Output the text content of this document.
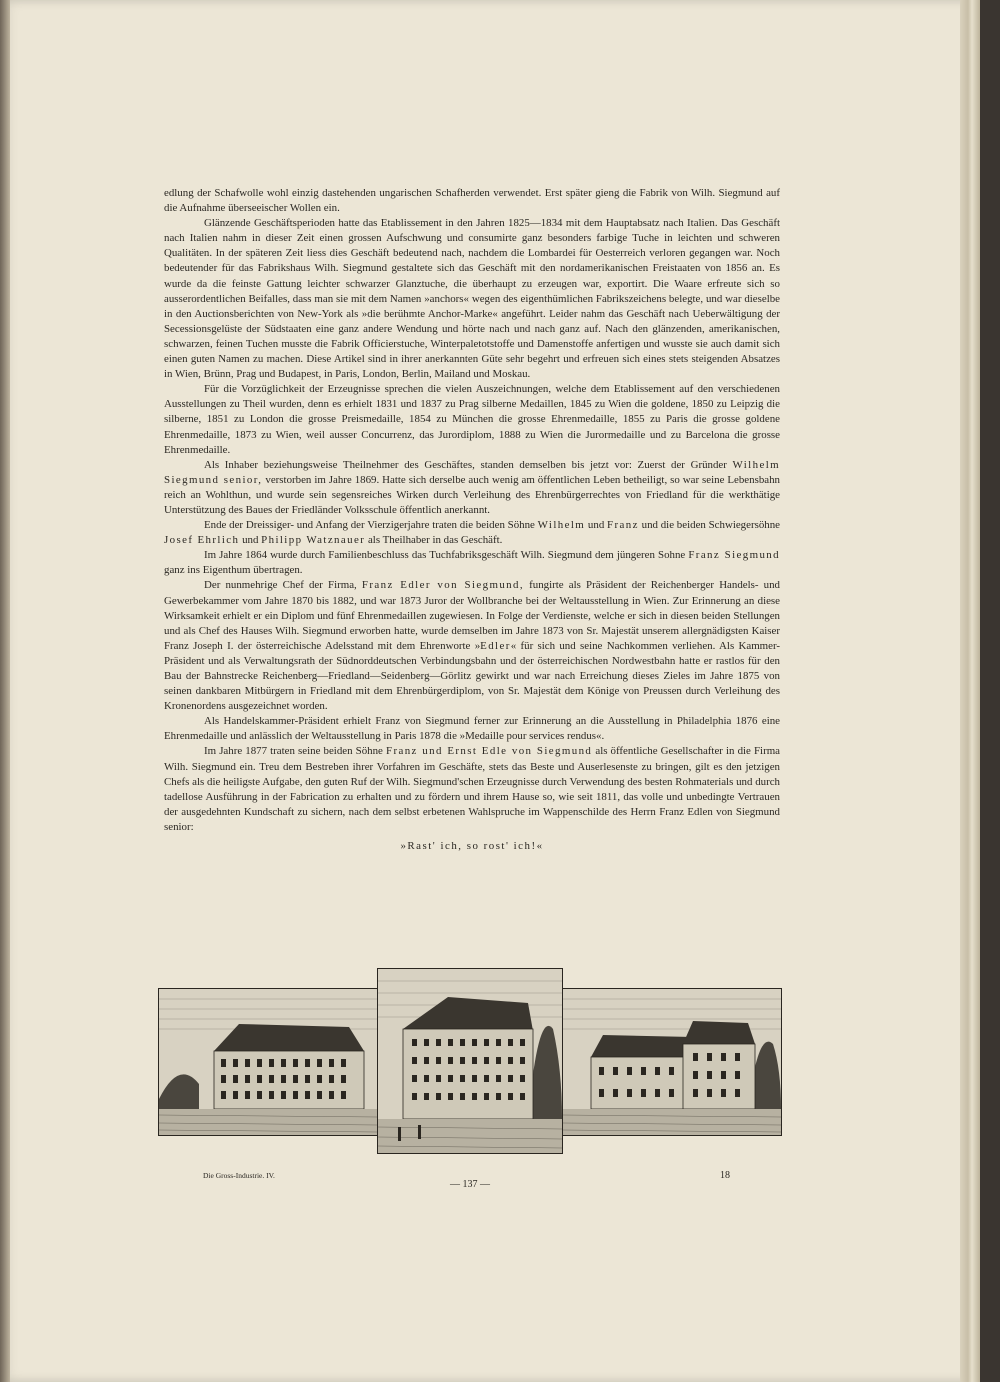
edlung der Schafwolle wohl einzig dastehenden ungarischen Schafherden verwendet. Erst später gieng die Fabrik von Wilh. Siegmund auf die Aufnahme überseeischer Wollen ein.

Glänzende Geschäftsperioden hatte das Etablissement in den Jahren 1825—1834 mit dem Hauptabsatz nach Italien. Das Geschäft nach Italien nahm in dieser Zeit einen grossen Aufschwung und consumirte ganz besonders farbige Tuche in leichten und schweren Qualitäten. In der späteren Zeit liess dies Geschäft bedeutend nach, nachdem die Lombardei für Oesterreich verloren gegangen war. Noch bedeutender für das Fabrikshaus Wilh. Siegmund gestaltete sich das Geschäft mit den nordamerikanischen Freistaaten von 1856 an. Es wurde da die feinste Gattung leichter schwarzer Glanztuche, die überhaupt zu erzeugen war, exportirt. Die Waare erfreute sich so ausserordentlichen Beifalles, dass man sie mit dem Namen »anchors« wegen des eigenthümlichen Fabrikszeichens belegte, und war dieselbe in den Auctionsberichten von New-York als »die berühmte Anchor-Marke« angeführt. Leider nahm das Geschäft nach Ueberwältigung der Secessionsgelüste der Südstaaten eine ganz andere Wendung und hörte nach und nach ganz auf. Nach den glänzenden, amerikanischen, schwarzen, feinen Tuchen musste die Fabrik Officierstuche, Winterpaletotstoffe und Damenstoffe anfertigen und wusste sie auch damit sich einen guten Namen zu machen. Diese Artikel sind in ihrer anerkannten Güte sehr begehrt und erfreuen sich eines stets steigenden Absatzes in Wien, Brünn, Prag und Budapest, in Paris, London, Berlin, Mailand und Moskau.

Für die Vorzüglichkeit der Erzeugnisse sprechen die vielen Auszeichnungen, welche dem Etablissement auf den verschiedenen Ausstellungen zu Theil wurden, denn es erhielt 1831 und 1837 zu Prag silberne Medaillen, 1845 zu Wien die goldene, 1850 zu Leipzig die silberne, 1851 zu London die grosse Preismedaille, 1854 zu München die grosse Ehrenmedaille, 1855 zu Paris die grosse goldene Ehrenmedaille, 1873 zu Wien, weil ausser Concurrenz, das Jurordiplom, 1888 zu Wien die Jurormedaille und zu Barcelona die grosse Ehrenmedaille.

Als Inhaber beziehungsweise Theilnehmer des Geschäftes, standen demselben bis jetzt vor: Zuerst der Gründer Wilhelm Siegmund senior, verstorben im Jahre 1869. Hatte sich derselbe auch wenig am öffentlichen Leben betheiligt, so war seine Lebensbahn reich an Wohlthun, und wurde sein segensreiches Wirken durch Verleihung des Ehrenbürgerrechtes von Friedland für die werkthätige Unterstützung des Baues der Friedländer Volksschule öffentlich anerkannt.

Ende der Dreissiger- und Anfang der Vierzigerjahre traten die beiden Söhne Wilhelm und Franz und die beiden Schwiegersöhne Josef Ehrlich und Philipp Watznauer als Theilhaber in das Geschäft.

Im Jahre 1864 wurde durch Familienbeschluss das Tuchfabriksgeschäft Wilh. Siegmund dem jüngeren Sohne Franz Siegmund ganz ins Eigenthum übertragen.

Der nunmehrige Chef der Firma, Franz Edler von Siegmund, fungirte als Präsident der Reichenberger Handels- und Gewerbekammer vom Jahre 1870 bis 1882, und war 1873 Juror der Wollbranche bei der Weltausstellung in Wien. Zur Erinnerung an diese Wirksamkeit erhielt er ein Diplom und fünf Ehrenmedaillen zugewiesen. In Folge der Verdienste, welche er sich in diesen beiden Stellungen und als Chef des Hauses Wilh. Siegmund erworben hatte, wurde demselben im Jahre 1873 von Sr. Majestät unserem allergnädigsten Kaiser Franz Joseph I. der österreichische Adelsstand mit dem Ehrenworte »Edler« für sich und seine Nachkommen verliehen. Als Kammer-Präsident und als Verwaltungsrath der Südnorddeutschen Verbindungsbahn und der österreichischen Nordwestbahn hatte er rastlos für den Bau der Bahnstrecke Reichenberg—Friedland—Seidenberg—Görlitz gewirkt und war nach Erreichung dieses Zieles im Jahre 1875 von seinen dankbaren Mitbürgern in Friedland mit dem Ehrenbürgerdiplom, von Sr. Majestät dem Könige von Preussen durch Verleihung des Kronenordens ausgezeichnet worden.

Als Handelskammer-Präsident erhielt Franz von Siegmund ferner zur Erinnerung an die Ausstellung in Philadelphia 1876 eine Ehrenmedaille und anlässlich der Weltausstellung in Paris 1878 die »Medaille pour services rendus«.

Im Jahre 1877 traten seine beiden Söhne Franz und Ernst Edle von Siegmund als öffentliche Gesellschafter in die Firma Wilh. Siegmund ein. Treu dem Bestreben ihrer Vorfahren im Geschäfte, stets das Beste und Auserlesenste zu bringen, gilt es den jetzigen Chefs als die heiligste Aufgabe, den guten Ruf der Wilh. Siegmund'schen Erzeugnisse durch Verwendung des besten Rohmaterials und durch tadellose Ausführung in der Fabrication zu erhalten und zu fördern und ihrem Hause so, wie seit 1811, das volle und unbedingte Vertrauen der ausgedehnten Kundschaft zu sichern, nach dem selbst erbetenen Wahlspruche im Wappenschilde des Herrn Franz Edlen von Siegmund senior:

»Rast' ich, so rost' ich!«
Die Gross-Industrie. IV.
— 137 —
18
